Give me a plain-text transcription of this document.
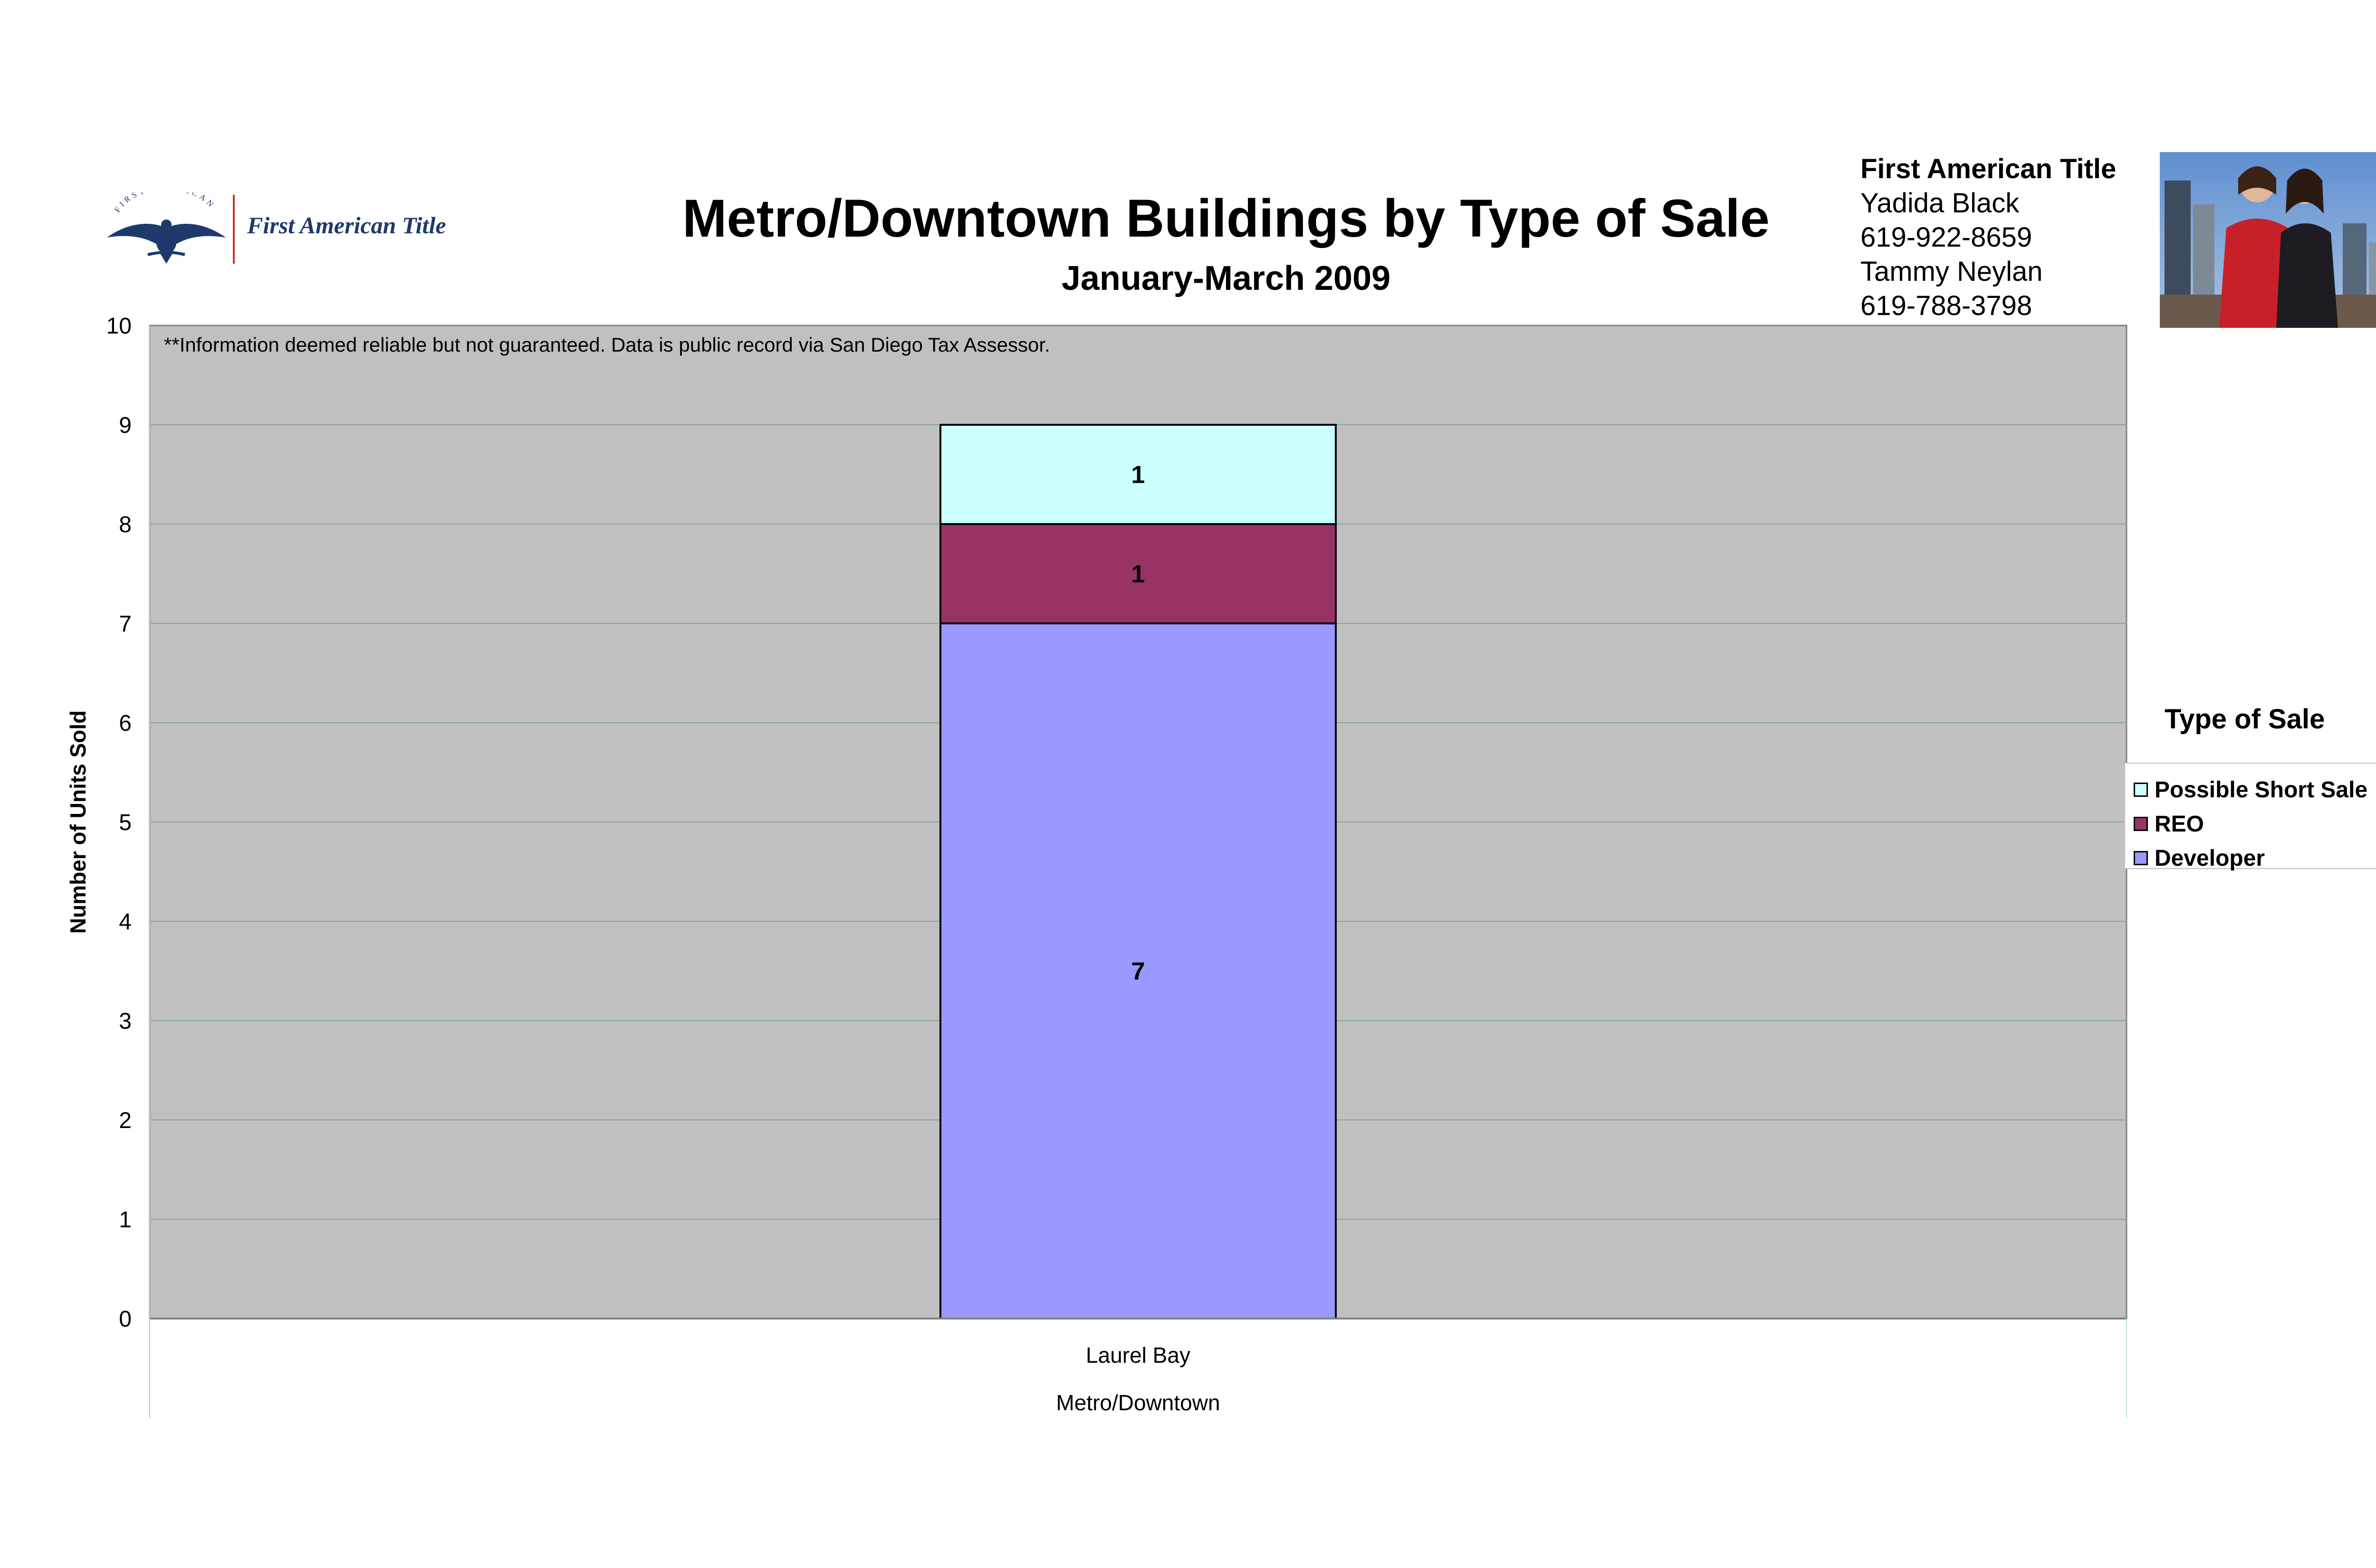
FIRS CAN
First American Title	Metro/Downtown Buildings by Type of Sale
January-March 2009
First American Title
Yadida Black
619-922-8659
Tammy Neylan
619-788-3798
7
1
1
0
1
2
3
4
5
6
7
8
9
10
**Information deemed reliable but not guaranteed. Data is public record via San Diego Tax Assessor.
Laurel Bay
Metro/Downtown
Number of Units Sold	Type of Sale
Possible Short Sale
REO
Developer
